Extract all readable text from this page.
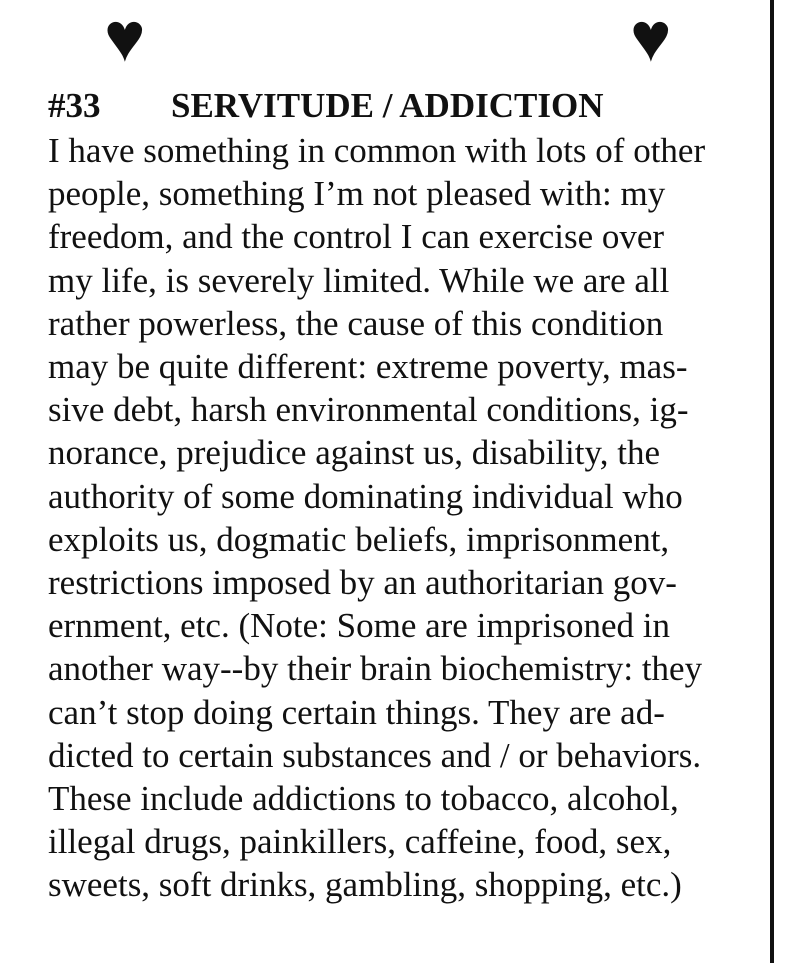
♥	♥
#33 SERVITUDE / ADDICTION
I have something in common with lots of other
people, something I’m not pleased with: my
freedom, and the control I can exercise over
my life, is severely limited. While we are all
rather powerless, the cause of this condition
may be quite different: extreme poverty, mas-
sive debt, harsh environmental conditions, ig-
norance, prejudice against us, disability, the
authority of some dominating individual who
exploits us, dogmatic beliefs, imprisonment,
restrictions imposed by an authoritarian gov-
ernment, etc. (Note: Some are imprisoned in
another way--by their brain biochemistry: they
can’t stop doing certain things. They are ad-
dicted to certain substances and / or behaviors.
These include addictions to tobacco, alcohol,
illegal drugs, painkillers, caffeine, food, sex,
sweets, soft drinks, gambling, shopping, etc.)
